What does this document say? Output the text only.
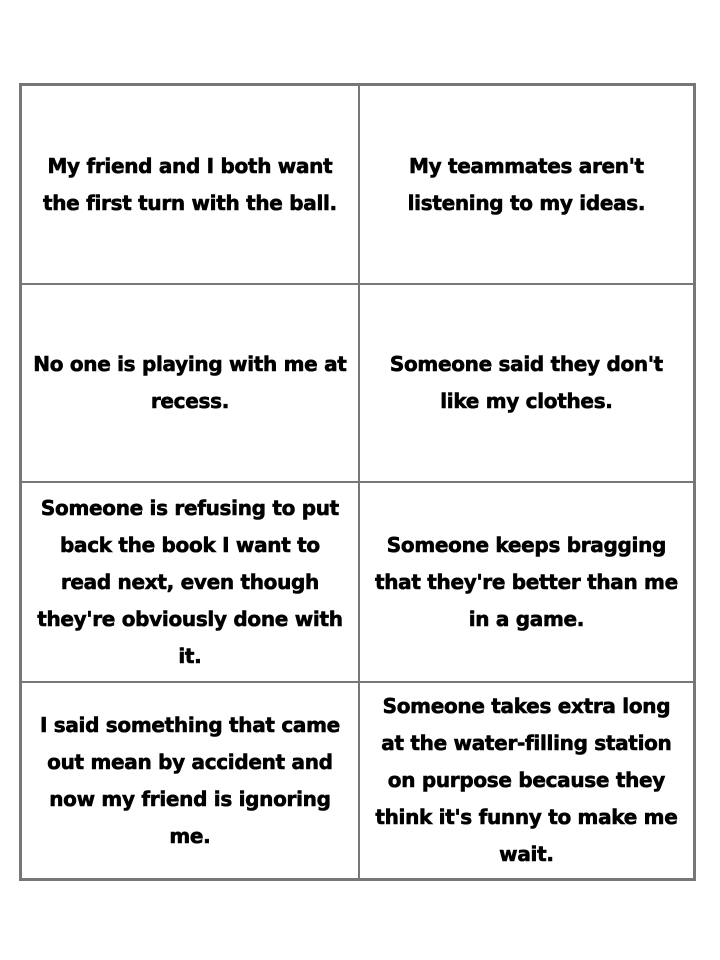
My friend and I both want the first turn with the ball.
My teammates aren't listening to my ideas.
No one is playing with me at recess.
Someone said they don't like my clothes.
Someone is refusing to put back the book I want to read next, even though they're obviously done with it.
Someone keeps bragging that they're better than me in a game.
I said something that came out mean by accident and now my friend is ignoring me.
Someone takes extra long at the water-filling station on purpose because they think it's funny to make me wait.
